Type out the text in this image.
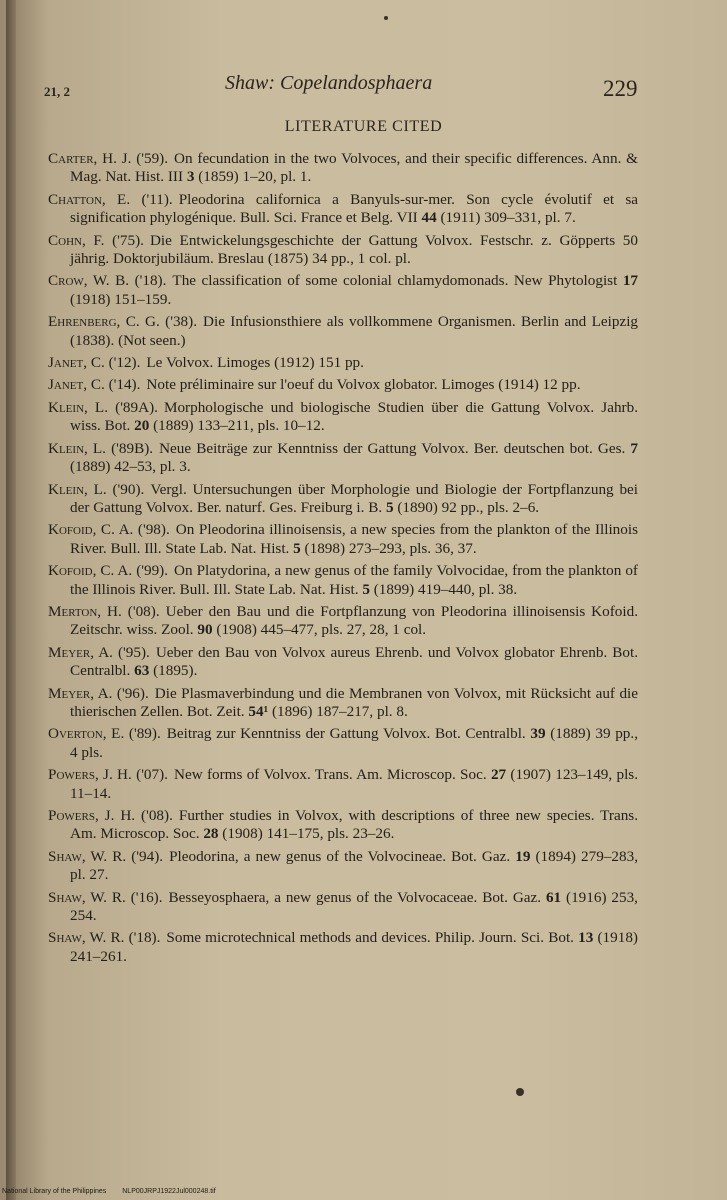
21, 2	Shaw: Copelandosphaera	229
LITERATURE CITED
Carter, H. J. ('59). On fecundation in the two Volvoces, and their specific differences. Ann. & Mag. Nat. Hist. III 3 (1859) 1–20, pl. 1.
Chatton, E. ('11). Pleodorina californica a Banyuls-sur-mer. Son cycle évolutif et sa signification phylogénique. Bull. Sci. France et Belg. VII 44 (1911) 309–331, pl. 7.
Cohn, F. ('75). Die Entwickelungsgeschichte der Gattung Volvox. Festschr. z. Göpperts 50 jährig. Doktorjubiläum. Breslau (1875) 34 pp., 1 col. pl.
Crow, W. B. ('18). The classification of some colonial chlamydomonads. New Phytologist 17 (1918) 151–159.
Ehrenberg, C. G. ('38). Die Infusionsthiere als vollkommene Organismen. Berlin and Leipzig (1838). (Not seen.)
Janet, C. ('12). Le Volvox. Limoges (1912) 151 pp.
Janet, C. ('14). Note préliminaire sur l'oeuf du Volvox globator. Limoges (1914) 12 pp.
Klein, L. ('89A). Morphologische und biologische Studien über die Gattung Volvox. Jahrb. wiss. Bot. 20 (1889) 133–211, pls. 10–12.
Klein, L. ('89B). Neue Beiträge zur Kenntniss der Gattung Volvox. Ber. deutschen bot. Ges. 7 (1889) 42–53, pl. 3.
Klein, L. ('90). Vergl. Untersuchungen über Morphologie und Biologie der Fortpflanzung bei der Gattung Volvox. Ber. naturf. Ges. Freiburg i. B. 5 (1890) 92 pp., pls. 2–6.
Kofoid, C. A. ('98). On Pleodorina illinoisensis, a new species from the plankton of the Illinois River. Bull. Ill. State Lab. Nat. Hist. 5 (1898) 273–293, pls. 36, 37.
Kofoid, C. A. ('99). On Platydorina, a new genus of the family Volvocidae, from the plankton of the Illinois River. Bull. Ill. State Lab. Nat. Hist. 5 (1899) 419–440, pl. 38.
Merton, H. ('08). Ueber den Bau und die Fortpflanzung von Pleodorina illinoisensis Kofoid. Zeitschr. wiss. Zool. 90 (1908) 445–477, pls. 27, 28, 1 col.
Meyer, A. ('95). Ueber den Bau von Volvox aureus Ehrenb. und Volvox globator Ehrenb. Bot. Centralbl. 63 (1895).
Meyer, A. ('96). Die Plasmaverbindung und die Membranen von Volvox, mit Rücksicht auf die thierischen Zellen. Bot. Zeit. 54¹ (1896) 187–217, pl. 8.
Overton, E. ('89). Beitrag zur Kenntniss der Gattung Volvox. Bot. Centralbl. 39 (1889) 39 pp., 4 pls.
Powers, J. H. ('07). New forms of Volvox. Trans. Am. Microscop. Soc. 27 (1907) 123–149, pls. 11–14.
Powers, J. H. ('08). Further studies in Volvox, with descriptions of three new species. Trans. Am. Microscop. Soc. 28 (1908) 141–175, pls. 23–26.
Shaw, W. R. ('94). Pleodorina, a new genus of the Volvocineae. Bot. Gaz. 19 (1894) 279–283, pl. 27.
Shaw, W. R. ('16). Besseyosphaera, a new genus of the Volvocaceae. Bot. Gaz. 61 (1916) 253, 254.
Shaw, W. R. ('18). Some microtechnical methods and devices. Philip. Journ. Sci. Bot. 13 (1918) 241–261.
National Library of the Philippines NLP00JRPJ1922Jul000248.tif
